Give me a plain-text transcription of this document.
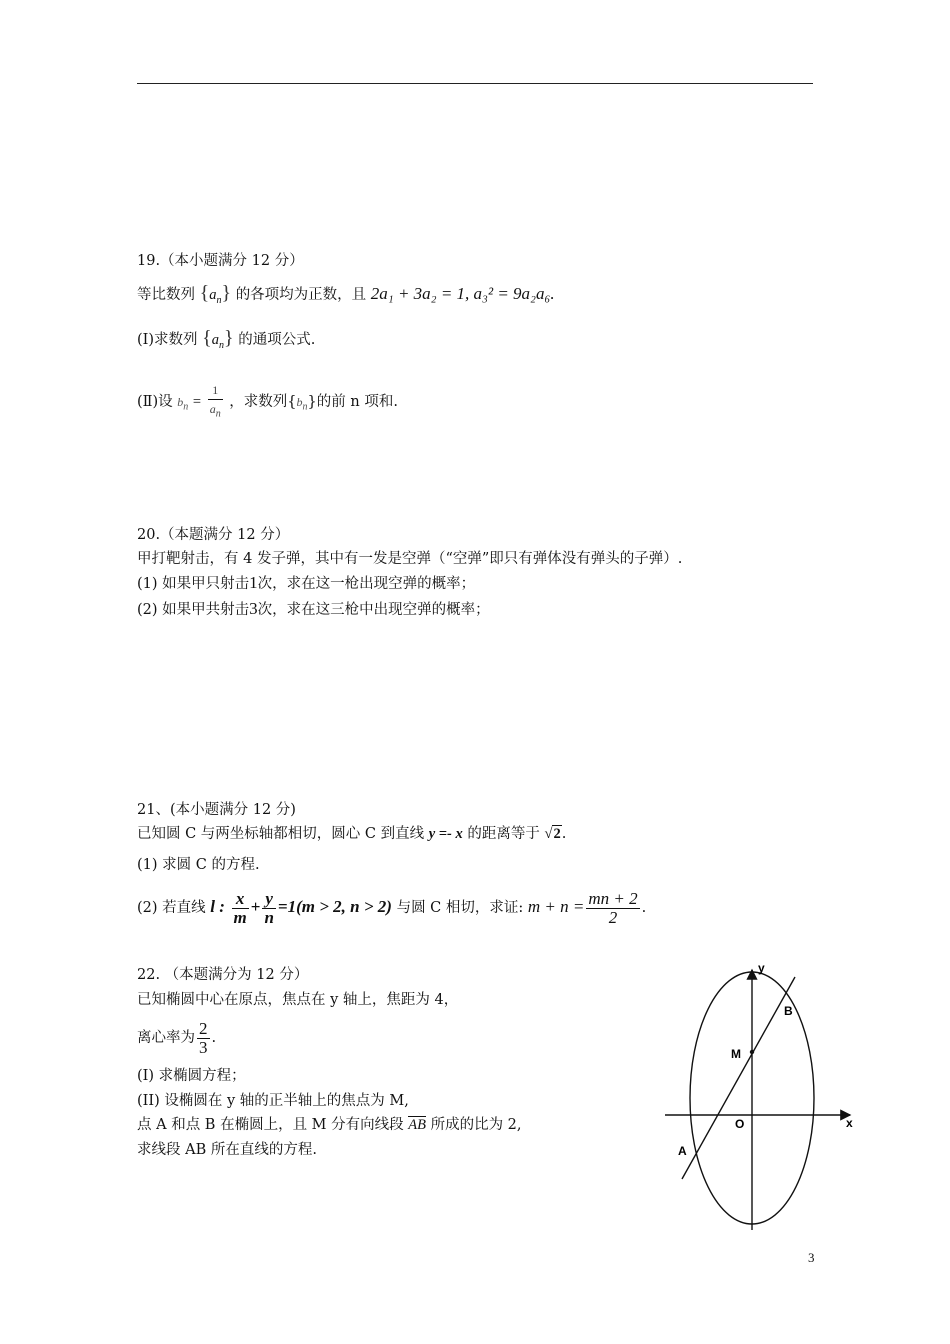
19.（本小题满分 12 分）
等比数列 $\{a_n\}$ 的各项均为正数，且 2a₁ + 3a₂ = 1, a₃² = 9a₂a₆.
(Ⅰ)求数列 $\{a_n\}$ 的通项公式.
(Ⅱ)设 $b_n = \frac{1}{a_n}$ ，求数列$\{b_n\}$的前 n 项和.
20.（本题满分 12 分）
甲打靶射击，有 4 发子弹，其中有一发是空弹（“空弹”即只有弹体没有弹头的子弹）.
(1) 如果甲只射击1次，求在这一枪出现空弹的概率；
(2) 如果甲共射击3次，求在这三枪中出现空弹的概率；
21、(本小题满分 12 分)
已知圆 C 与两坐标轴都相切，圆心 C 到直线 y =- x 的距离等于 √2.
(1) 求圆 C 的方程.
(2) 若直线 l : $\frac{x}{m} + \frac{y}{n} =1(m > 2$, n > 2) 与圆 C 相切，求证: $m + n = \frac{mn + 2}{2}$ .
22. （本题满分为 12 分）
已知椭圆中心在原点，焦点在 y 轴上，焦距为 4，
离心率为 $\frac{2}{3}$ .
(I) 求椭圆方程；
(II) 设椭圆在 y 轴的正半轴上的焦点为 M,
点 A 和点 B 在椭圆上，且 M 分有向线段 AB 所成的比为 2,
求线段 AB 所在直线的方程.
y
x
B
M
O
A
3
